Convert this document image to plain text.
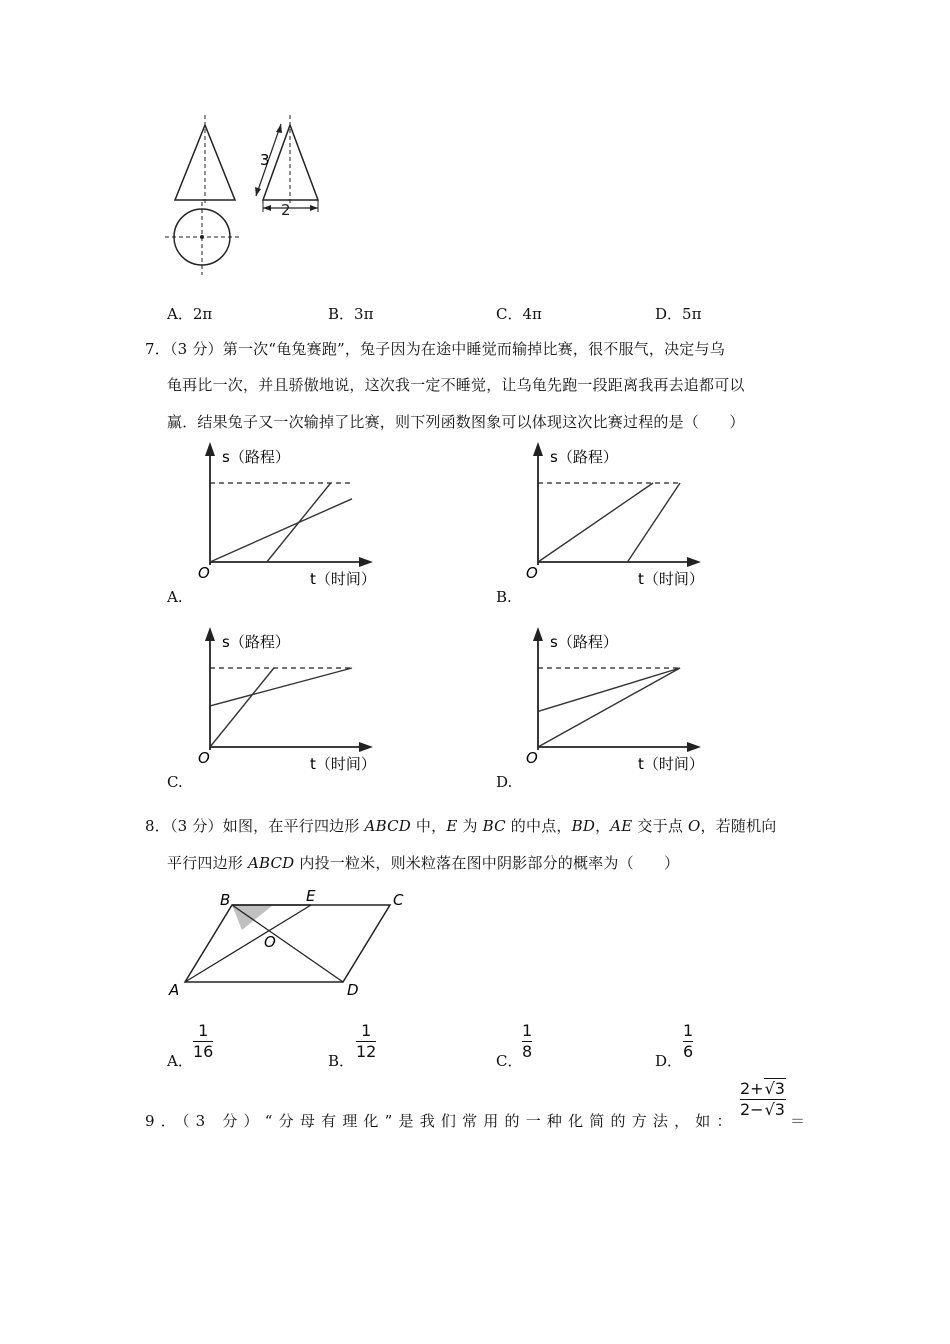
3
2
A．2π	B．3π	C．4π	D．5π
7．（3 分）第一次“龟兔赛跑”，兔子因为在途中睡觉而输掉比赛，很不服气，决定与乌
龟再比一次，并且骄傲地说，这次我一定不睡觉，让乌龟先跑一段距离我再去追都可以
赢．结果兔子又一次输掉了比赛，则下列函数图象可以体现这次比赛过程的是（　　）
s（路程）
t（时间）
O
A.
s（路程）
t（时间）
O
B.
s（路程）
t（时间）
O
C.
s（路程）
t（时间）
O
D.
8．（3 分）如图，在平行四边形 ABCD 中，E 为 BC 的中点，BD，AE 交于点 O，若随机向
平行四边形 ABCD 内投一粒米，则米粒落在图中阴影部分的概率为（　　）
B	E	C
O
A	D
A．
1
16	B．
1
12	C．
1
8	D．
1
6
9．（3 分）“分母有理化”是我们常用的一种化简的方法，如：
2+√3
2−√3
＝
